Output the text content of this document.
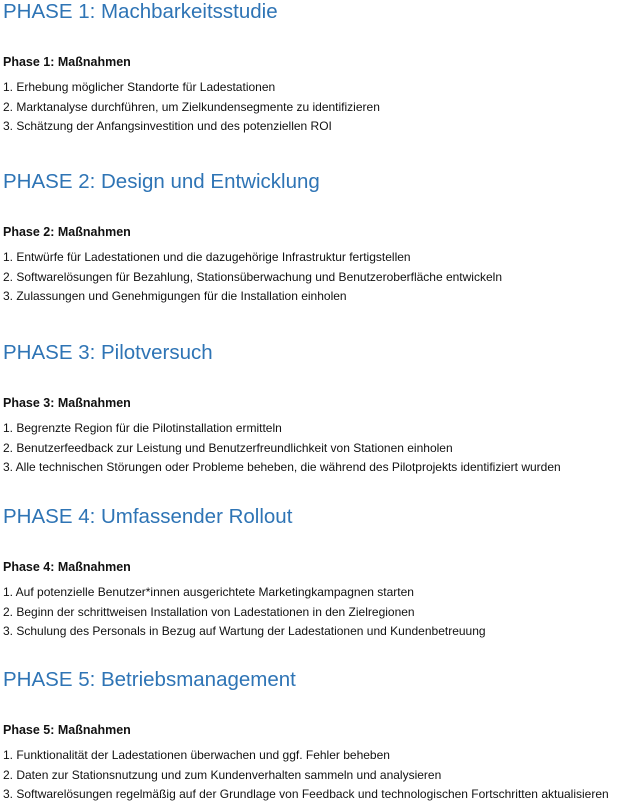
PHASE 1: Machbarkeitsstudie
Phase 1: Maßnahmen
1. Erhebung möglicher Standorte für Ladestationen
2. Marktanalyse durchführen, um Zielkundensegmente zu identifizieren
3. Schätzung der Anfangsinvestition und des potenziellen ROI
PHASE 2: Design und Entwicklung
Phase 2: Maßnahmen
1. Entwürfe für Ladestationen und die dazugehörige Infrastruktur fertigstellen
2. Softwarelösungen für Bezahlung, Stationsüberwachung und Benutzeroberfläche entwickeln
3. Zulassungen und Genehmigungen für die Installation einholen
PHASE 3: Pilotversuch
Phase 3: Maßnahmen
1. Begrenzte Region für die Pilotinstallation ermitteln
2. Benutzerfeedback zur Leistung und Benutzerfreundlichkeit von Stationen einholen
3. Alle technischen Störungen oder Probleme beheben, die während des Pilotprojekts identifiziert wurden
PHASE 4: Umfassender Rollout
Phase 4: Maßnahmen
1. Auf potenzielle Benutzer*innen ausgerichtete Marketingkampagnen starten
2. Beginn der schrittweisen Installation von Ladestationen in den Zielregionen
3. Schulung des Personals in Bezug auf Wartung der Ladestationen und Kundenbetreuung
PHASE 5: Betriebsmanagement
Phase 5: Maßnahmen
1. Funktionalität der Ladestationen überwachen und ggf. Fehler beheben
2. Daten zur Stationsnutzung und zum Kundenverhalten sammeln und analysieren
3. Softwarelösungen regelmäßig auf der Grundlage von Feedback und technologischen Fortschritten aktualisieren
